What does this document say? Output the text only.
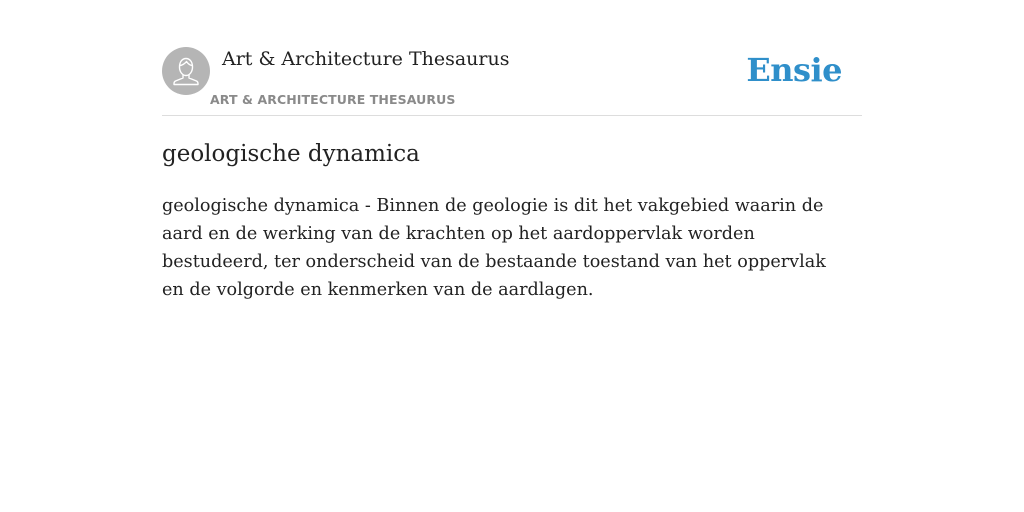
Art & Architecture Thesaurus
ART & ARCHITECTURE THESAURUS
Ensie
geologische dynamica

geologische dynamica - Binnen de geologie is dit het vakgebied waarin de aard en de werking van de krachten op het aardoppervlak worden bestudeerd, ter onderscheid van de bestaande toestand van het oppervlak en de volgorde en kenmerken van de aardlagen.
